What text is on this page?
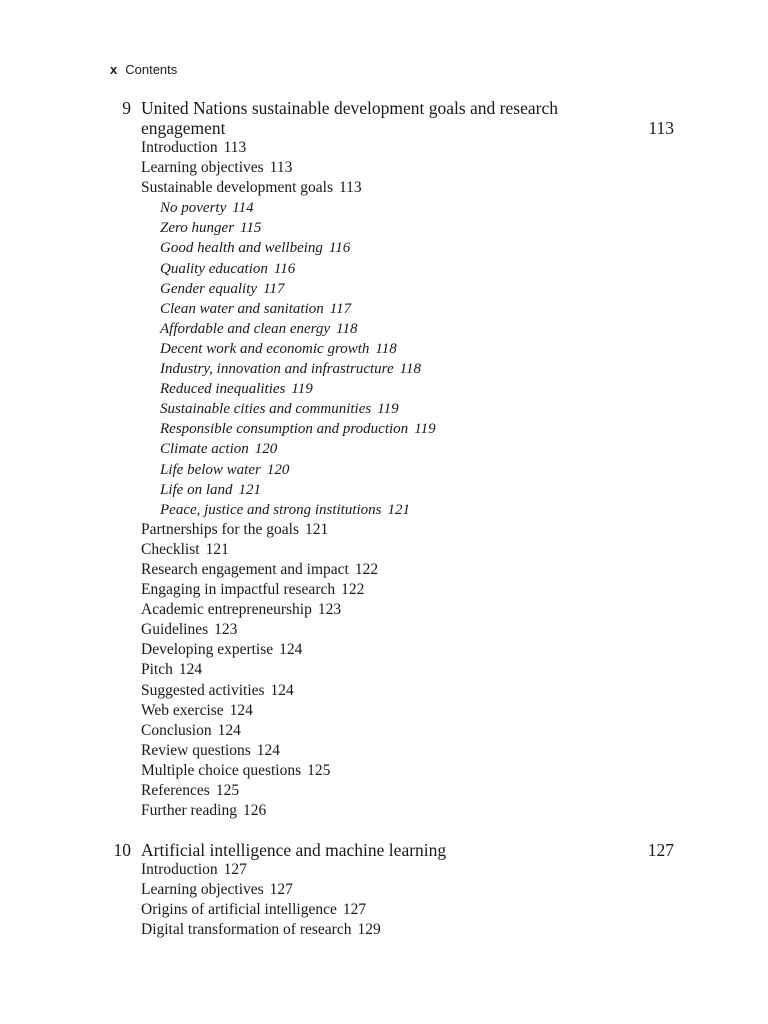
x Contents
9 United Nations sustainable development goals and research engagement	113
Introduction 113
Learning objectives 113
Sustainable development goals 113
No poverty 114
Zero hunger 115
Good health and wellbeing 116
Quality education 116
Gender equality 117
Clean water and sanitation 117
Affordable and clean energy 118
Decent work and economic growth 118
Industry, innovation and infrastructure 118
Reduced inequalities 119
Sustainable cities and communities 119
Responsible consumption and production 119
Climate action 120
Life below water 120
Life on land 121
Peace, justice and strong institutions 121
Partnerships for the goals 121
Checklist 121
Research engagement and impact 122
Engaging in impactful research 122
Academic entrepreneurship 123
Guidelines 123
Developing expertise 124
Pitch 124
Suggested activities 124
Web exercise 124
Conclusion 124
Review questions 124
Multiple choice questions 125
References 125
Further reading 126
10 Artificial intelligence and machine learning	127
Introduction 127
Learning objectives 127
Origins of artificial intelligence 127
Digital transformation of research 129
